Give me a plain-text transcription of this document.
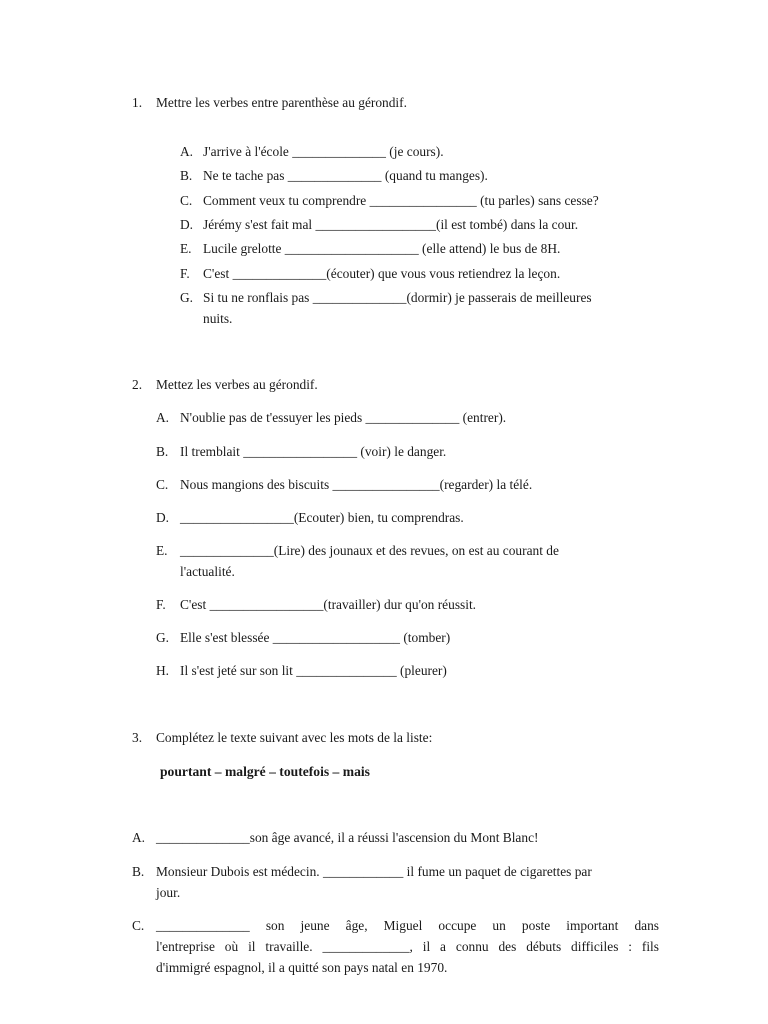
1. Mettre les verbes entre parenthèse au gérondif.
A. J'arrive à l'école ______________ (je cours).
B. Ne te tache pas ______________ (quand tu manges).
C. Comment veux tu comprendre ________________ (tu parles) sans cesse?
D. Jérémy s'est fait mal __________________(il est tombé) dans la cour.
E. Lucile grelotte ____________________ (elle attend) le bus de 8H.
F. C'est ______________(écouter) que vous vous retiendrez la leçon.
G. Si tu ne ronflais pas ______________(dormir) je passerais de meilleures
nuits.
2. Mettez les verbes au gérondif.
A. N'oublie pas de t'essuyer les pieds ______________ (entrer).
B. Il tremblait _________________ (voir) le danger.
C. Nous mangions des biscuits ________________(regarder) la télé.
D. _________________(Ecouter) bien, tu comprendras.
E. ______________(Lire) des jounaux et des revues, on est au courant de
l'actualité.
F. C'est _________________(travailler) dur qu'on réussit.
G. Elle s'est blessée ___________________ (tomber)
H. Il s'est jeté sur son lit _______________ (pleurer)
3. Complétez le texte suivant avec les mots de la liste:
pourtant – malgré – toutefois – mais
A. ______________son âge avancé, il a réussi l'ascension du Mont Blanc!
B. Monsieur Dubois est médecin. ____________ il fume un paquet de cigarettes par
jour.
C. ______________ son jeune âge, Miguel occupe un poste important dans
l'entreprise où il travaille. _____________, il a connu des débuts difficiles : fils
d'immigré espagnol, il a quitté son pays natal en 1970.
